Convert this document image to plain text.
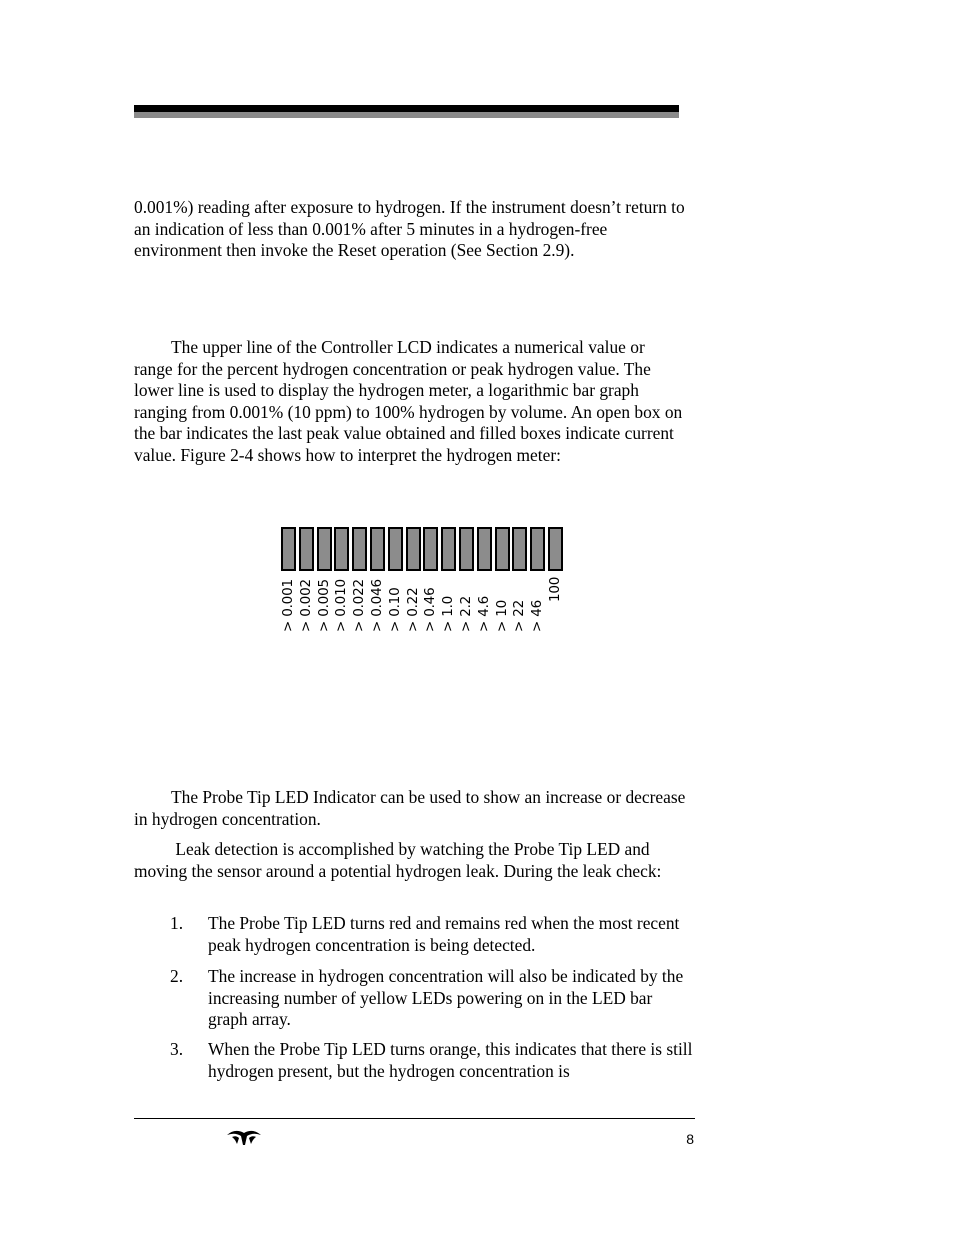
0.001%) reading after exposure to hydrogen. If the instrument doesn’t return to an indication of less than 0.001% after 5 minutes in a hydrogen-free environment then invoke the Reset operation (See Section 2.9).

The upper line of the Controller LCD indicates a numerical value or range for the percent hydrogen concentration or peak hydrogen value. The lower line is used to display the hydrogen meter, a logarithmic bar graph ranging from 0.001% (10 ppm) to 100% hydrogen by volume. An open box on the bar indicates the last peak value obtained and filled boxes indicate current value. Figure 2-4 shows how to interpret the hydrogen meter:

> 0.001 > 0.002 > 0.005 > 0.010 > 0.022 > 0.046 > 0.10 > 0.22 > 0.46 > 1.0 > 2.2 > 4.6 > 10 > 22 > 46
100

The Probe Tip LED Indicator can be used to show an increase or decrease in hydrogen concentration.

Leak detection is accomplished by watching the Probe Tip LED and moving the sensor around a potential hydrogen leak. During the leak check:

1. The Probe Tip LED turns red and remains red when the most recent peak hydrogen concentration is being detected.
2. The increase in hydrogen concentration will also be indicated by the increasing number of yellow LEDs powering on in the LED bar graph array.
3. When the Probe Tip LED turns orange, this indicates that there is still hydrogen present, but the hydrogen concentration is
8
